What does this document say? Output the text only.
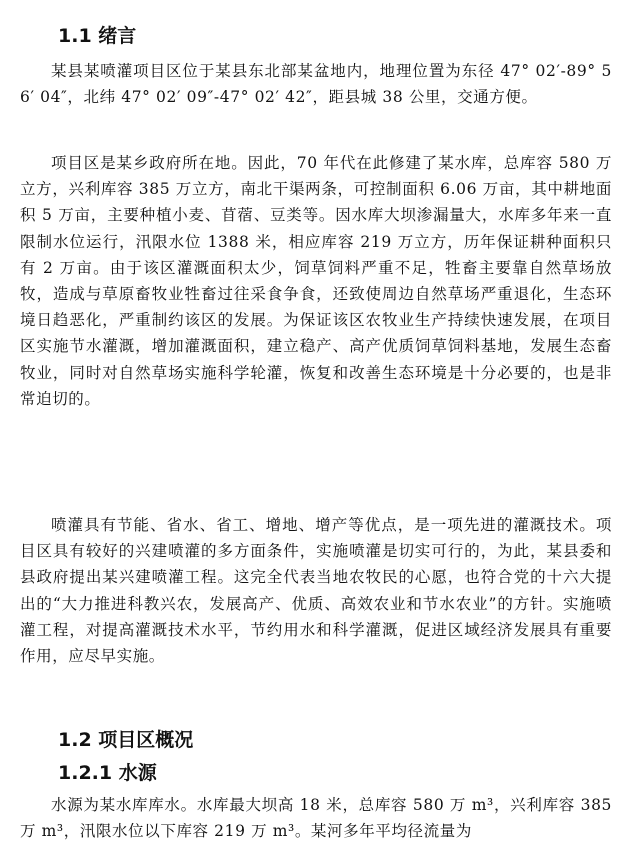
1.1 绪言

某县某喷灌项目区位于某县东北部某盆地内，地理位置为东径 47° 02′-89° 56′ 04″，北纬 47° 02′ 09″-47° 02′ 42″，距县城 38 公里，交通方便。

项目区是某乡政府所在地。因此，70 年代在此修建了某水库，总库容 580 万立方，兴利库容 385 万立方，南北干渠两条，可控制面积 6.06 万亩，其中耕地面积 5 万亩，主要种植小麦、苜蓿、豆类等。因水库大坝渗漏量大，水库多年来一直限制水位运行，汛限水位 1388 米，相应库容 219 万立方，历年保证耕种面积只有 2 万亩。由于该区灌溉面积太少，饲草饲料严重不足，牲畜主要靠自然草场放牧，造成与草原畜牧业牲畜过往采食争食，还致使周边自然草场严重退化，生态环境日趋恶化，严重制约该区的发展。为保证该区农牧业生产持续快速发展，在项目区实施节水灌溉，增加灌溉面积，建立稳产、高产优质饲草饲料基地，发展生态畜牧业，同时对自然草场实施科学轮灌，恢复和改善生态环境是十分必要的，也是非常迫切的。

喷灌具有节能、省水、省工、增地、增产等优点，是一项先进的灌溉技术。项目区具有较好的兴建喷灌的多方面条件，实施喷灌是切实可行的，为此，某县委和县政府提出某兴建喷灌工程。这完全代表当地农牧民的心愿，也符合党的十六大提出的“大力推进科教兴农，发展高产、优质、高效农业和节水农业”的方针。实施喷灌工程，对提高灌溉技术水平，节约用水和科学灌溉，促进区域经济发展具有重要作用，应尽早实施。

1.2 项目区概况
1.2.1 水源

水源为某水库库水。水库最大坝高 18 米，总库容 580 万 m³，兴利库容 385 万 m³，汛限水位以下库容 219 万 m³。某河多年平均径流量为
